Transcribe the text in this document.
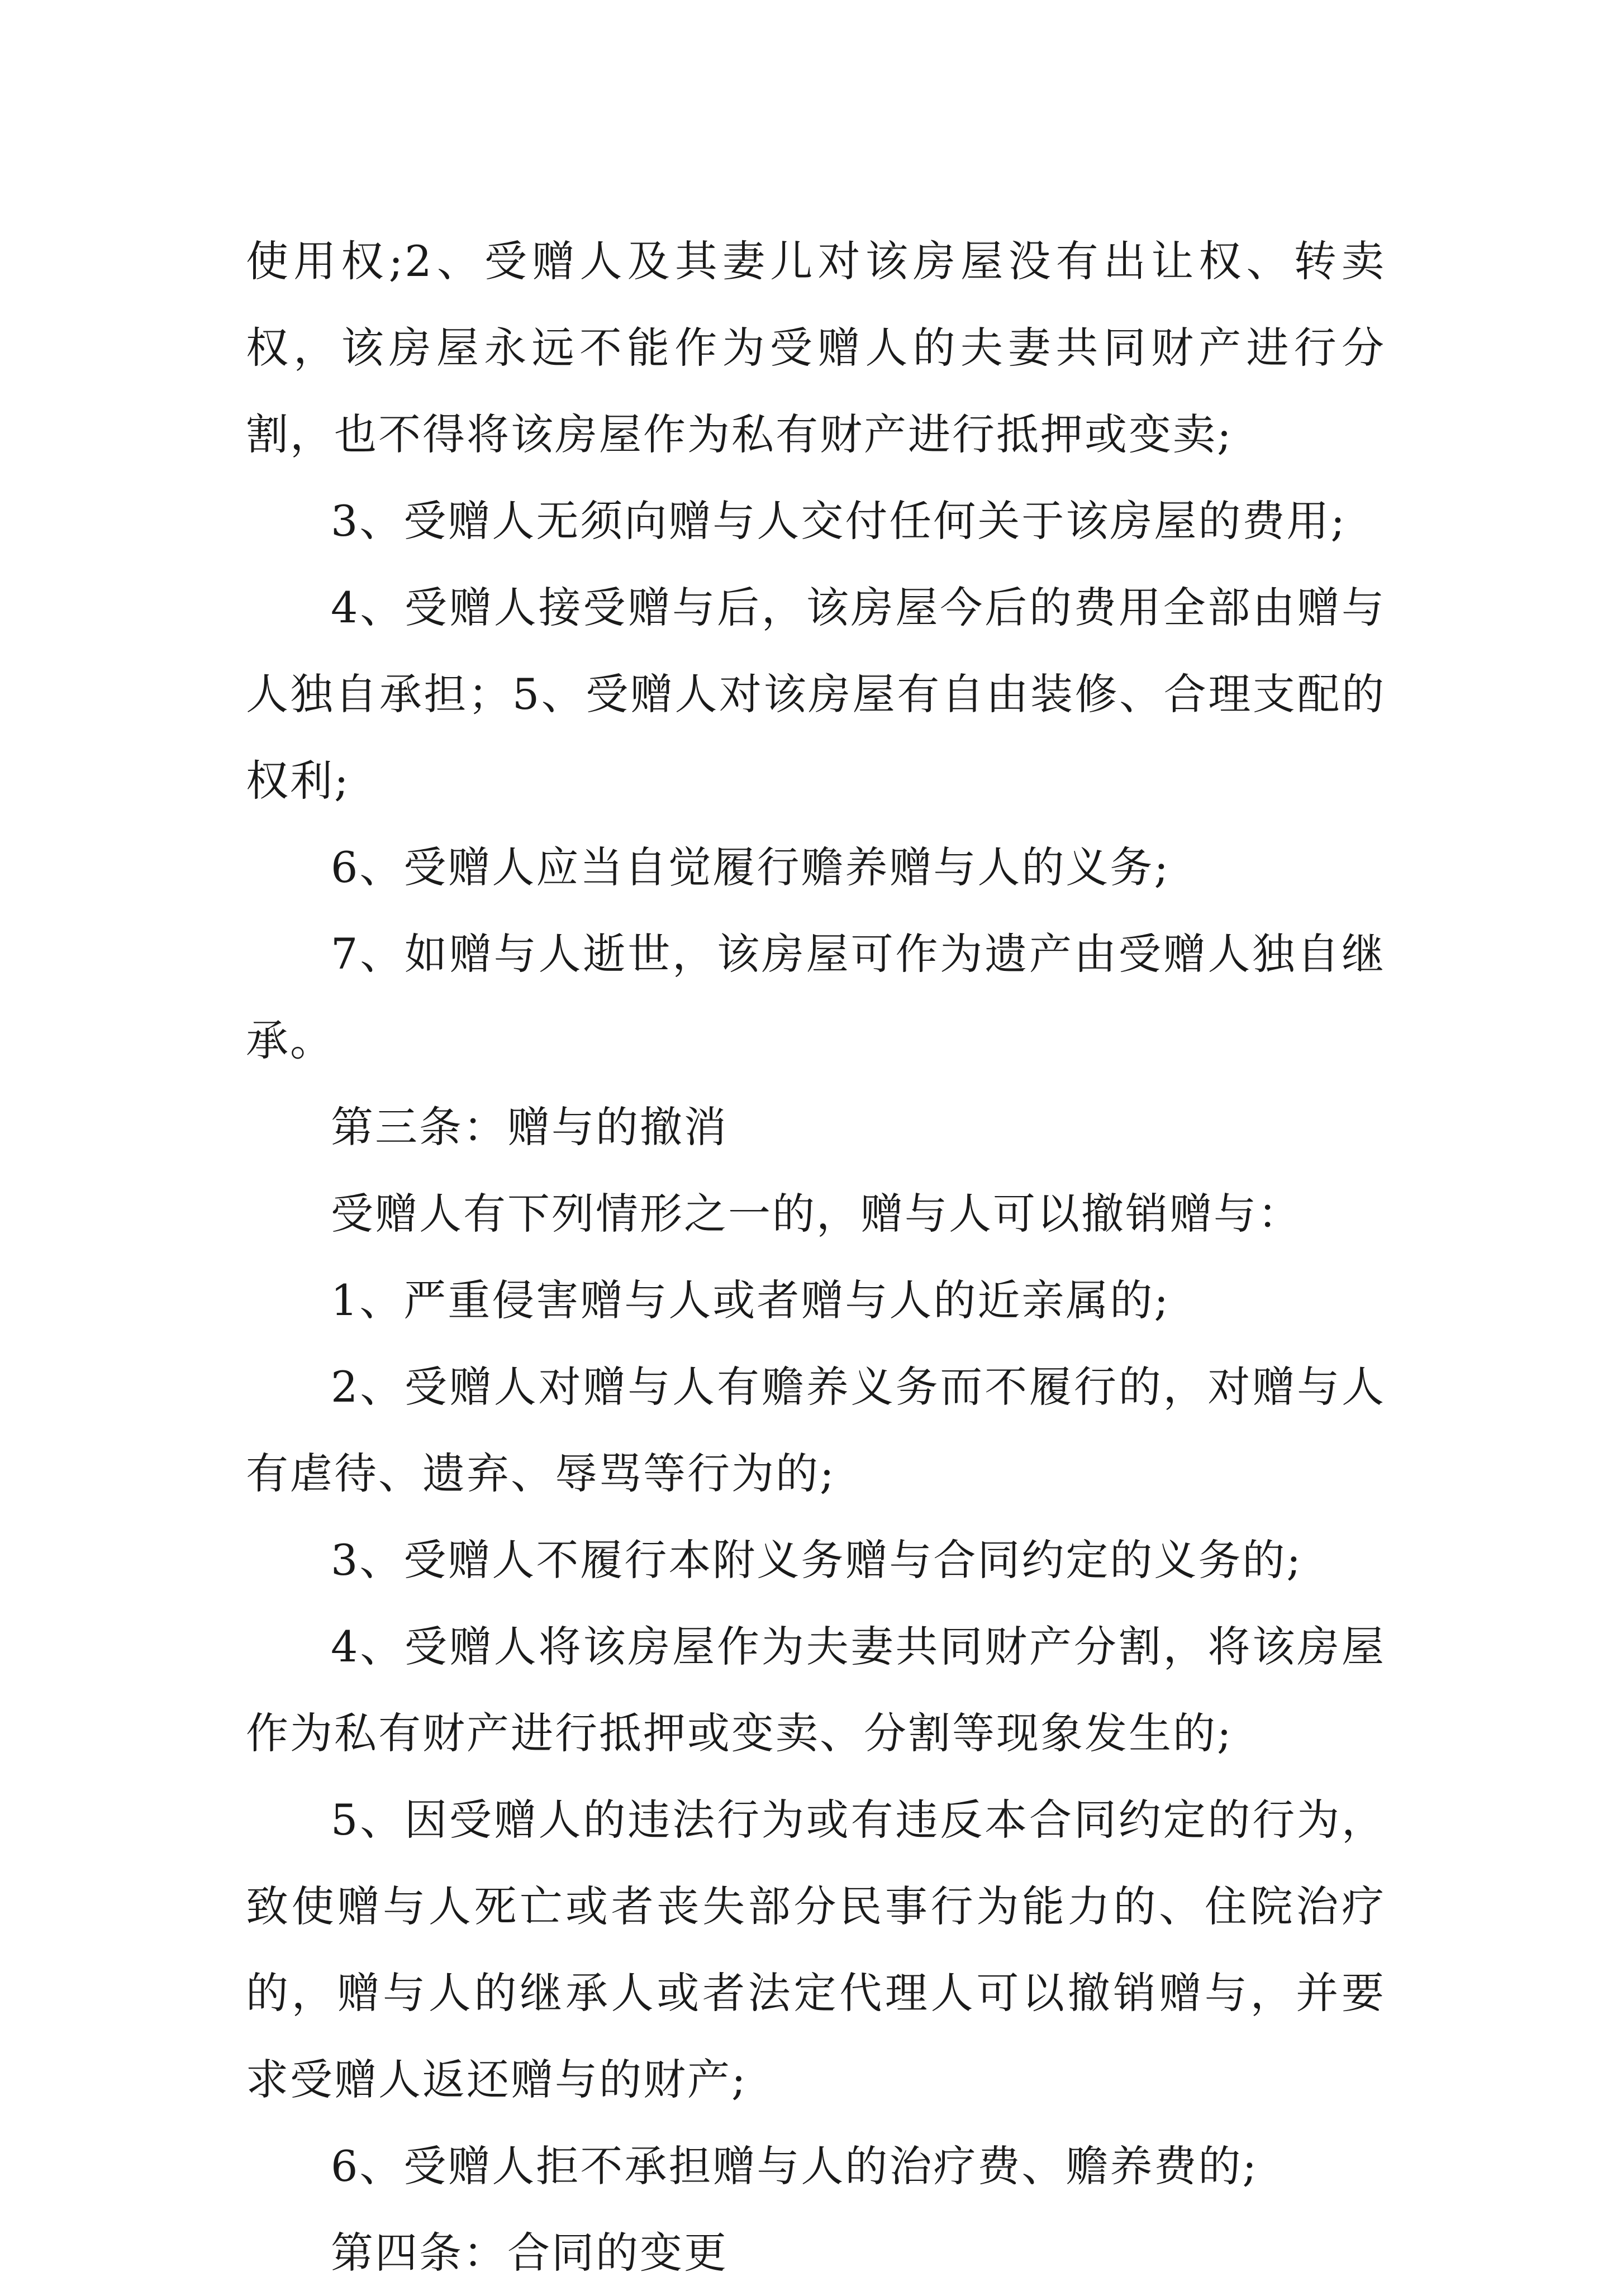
使用权;2、受赠人及其妻儿对该房屋没有出让权、转卖权，该房屋永远不能作为受赠人的夫妻共同财产进行分割，也不得将该房屋作为私有财产进行抵押或变卖;

3、受赠人无须向赠与人交付任何关于该房屋的费用;

4、受赠人接受赠与后，该房屋今后的费用全部由赠与人独自承担；5、受赠人对该房屋有自由装修、合理支配的权利;

6、受赠人应当自觉履行赡养赠与人的义务;

7、如赠与人逝世，该房屋可作为遗产由受赠人独自继承。

第三条：赠与的撤消

受赠人有下列情形之一的，赠与人可以撤销赠与：

1、严重侵害赠与人或者赠与人的近亲属的;

2、受赠人对赠与人有赡养义务而不履行的，对赠与人有虐待、遗弃、辱骂等行为的;

3、受赠人不履行本附义务赠与合同约定的义务的;

4、受赠人将该房屋作为夫妻共同财产分割，将该房屋作为私有财产进行抵押或变卖、分割等现象发生的;

5、因受赠人的违法行为或有违反本合同约定的行为，致使赠与人死亡或者丧失部分民事行为能力的、住院治疗的，赠与人的继承人或者法定代理人可以撤销赠与，并要求受赠人返还赠与的财产;

6、受赠人拒不承担赠与人的治疗费、赡养费的;

第四条：合同的变更
